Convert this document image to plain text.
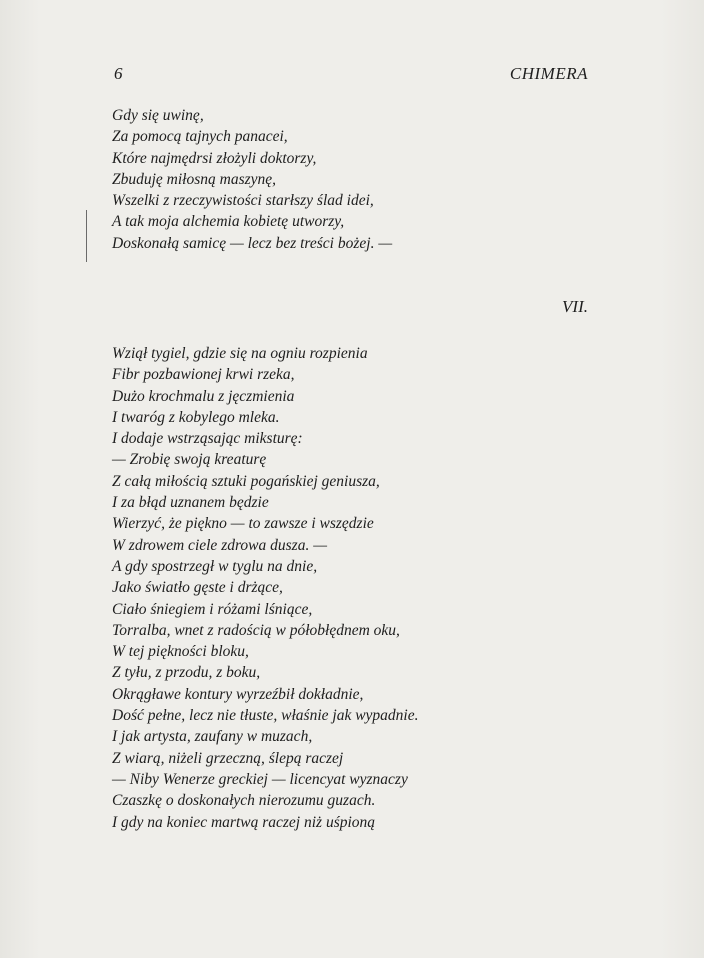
6	CHIMERA
Gdy się uwinę,
Za pomocą tajnych panacei,
Które najmędrsi złożyli doktorzy,
Zbuduję miłosną maszynę,
Wszelki z rzeczywistości starłszy ślad idei,
A tak moja alchemia kobietę utworzy,
Doskonałą samicę — lecz bez treści bożej. —
VII.
Wziął tygiel, gdzie się na ogniu rozpienia
Fibr pozbawionej krwi rzeka,
Dużo krochmalu z jęczmienia
I twaróg z kobylego mleka.
I dodaje wstrząsając miksturę:
— Zrobię swoją kreaturę
Z całą miłością sztuki pogańskiej geniusza,
I za błąd uznanem będzie
Wierzyć, że piękno — to zawsze i wszędzie
W zdrowem ciele zdrowa dusza. —
A gdy spostrzegł w tyglu na dnie,
Jako światło gęste i drżące,
Ciało śniegiem i różami lśniące,
Torralba, wnet z radością w półobłędnem oku,
W tej piękności bloku,
Z tyłu, z przodu, z boku,
Okrągławe kontury wyrzeźbił dokładnie,
Dość pełne, lecz nie tłuste, właśnie jak wypadnie.
I jak artysta, zaufany w muzach,
Z wiarą, niżeli grzeczną, ślepą raczej
— Niby Wenerze greckiej — licencyat wyznaczy
Czaszkę o doskonałych nierozumu guzach.
I gdy na koniec martwą raczej niż uśpioną
